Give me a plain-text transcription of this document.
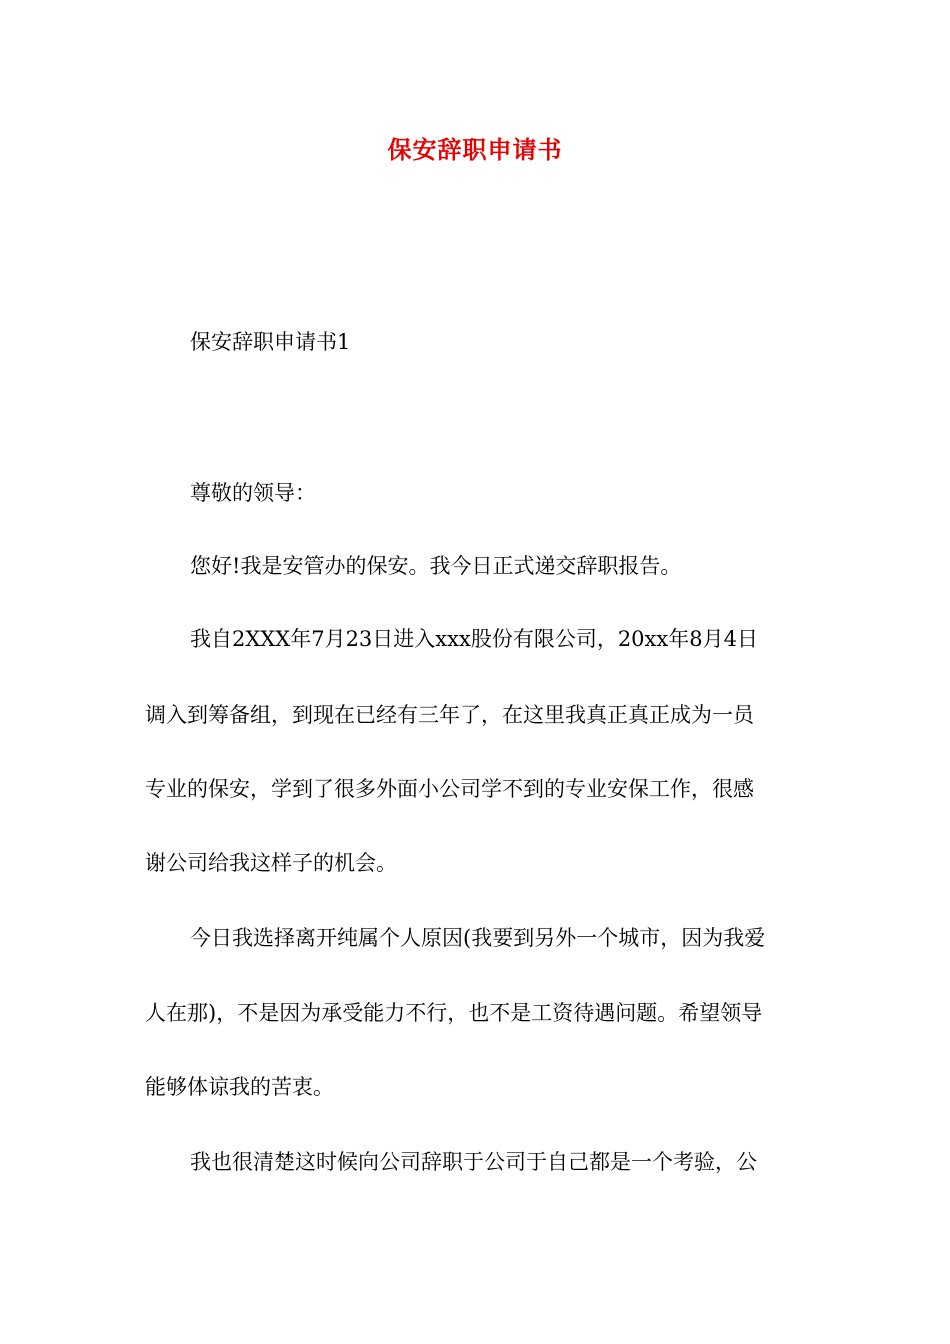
保安辞职申请书
保安辞职申请书1
尊敬的领导：
您好!我是安管办的保安。我今日正式递交辞职报告。
我自2XXX年7月23日进入xxx股份有限公司，20xx年8月4日
调入到筹备组，到现在已经有三年了，在这里我真正真正成为一员
专业的保安，学到了很多外面小公司学不到的专业安保工作，很感
谢公司给我这样子的机会。
今日我选择离开纯属个人原因(我要到另外一个城市，因为我爱
人在那)，不是因为承受能力不行，也不是工资待遇问题。希望领导
能够体谅我的苦衷。
我也很清楚这时候向公司辞职于公司于自己都是一个考验，公
